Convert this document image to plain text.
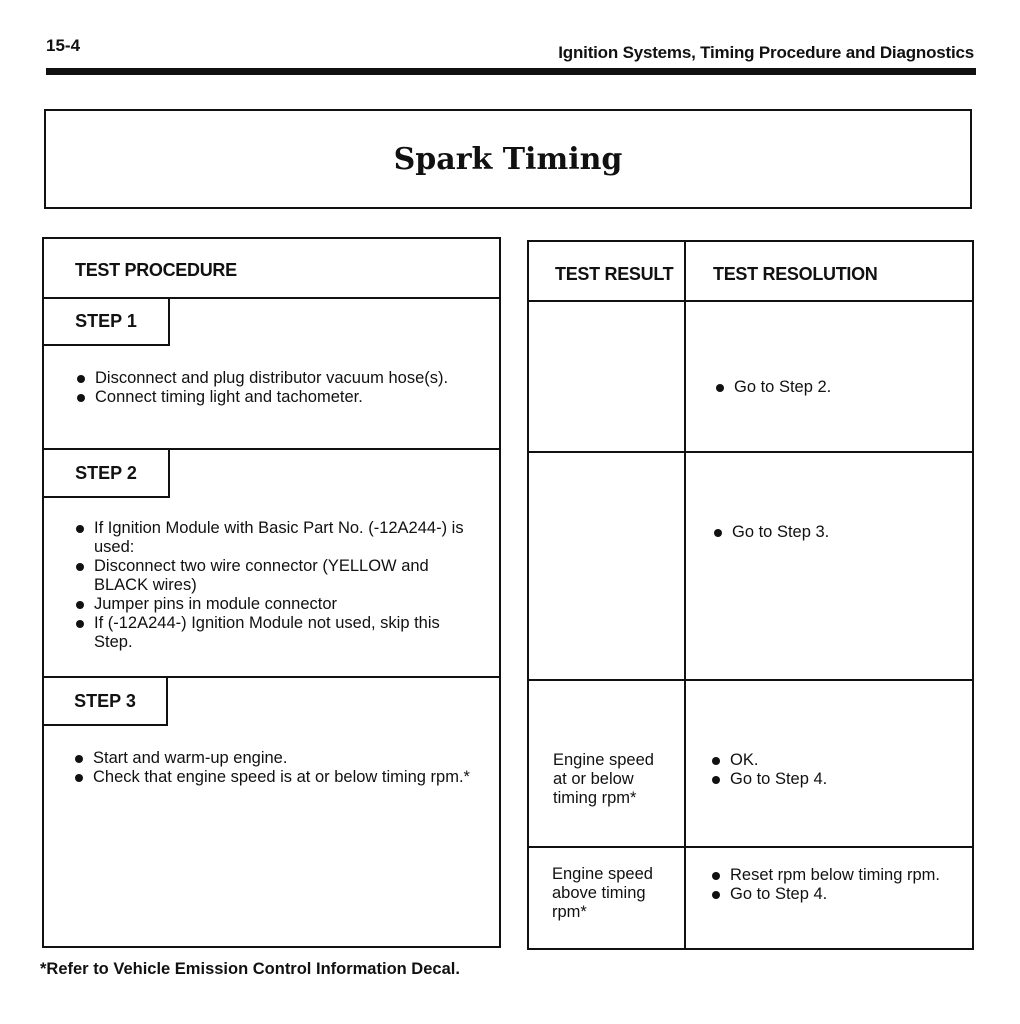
15-4	Ignition Systems, Timing Procedure and Diagnostics
Spark Timing
TEST PROCEDURE
STEP 1
Disconnect and plug distributor vacuum hose(s).
Connect timing light and tachometer.
STEP 2
If Ignition Module with Basic Part No. (-12A244-) is used:
Disconnect two wire connector (YELLOW and BLACK wires)
Jumper pins in module connector
If (-12A244-) Ignition Module not used, skip this Step.
STEP 3
Start and warm-up engine.
Check that engine speed is at or below timing rpm.*
TEST RESULT TEST RESOLUTION
Go to Step 2.
Go to Step 3.
Engine speed at or below timing rpm*
OK.
Go to Step 4.
Engine speed above timing rpm*
Reset rpm below timing rpm.
Go to Step 4.
*Refer to Vehicle Emission Control Information Decal.
